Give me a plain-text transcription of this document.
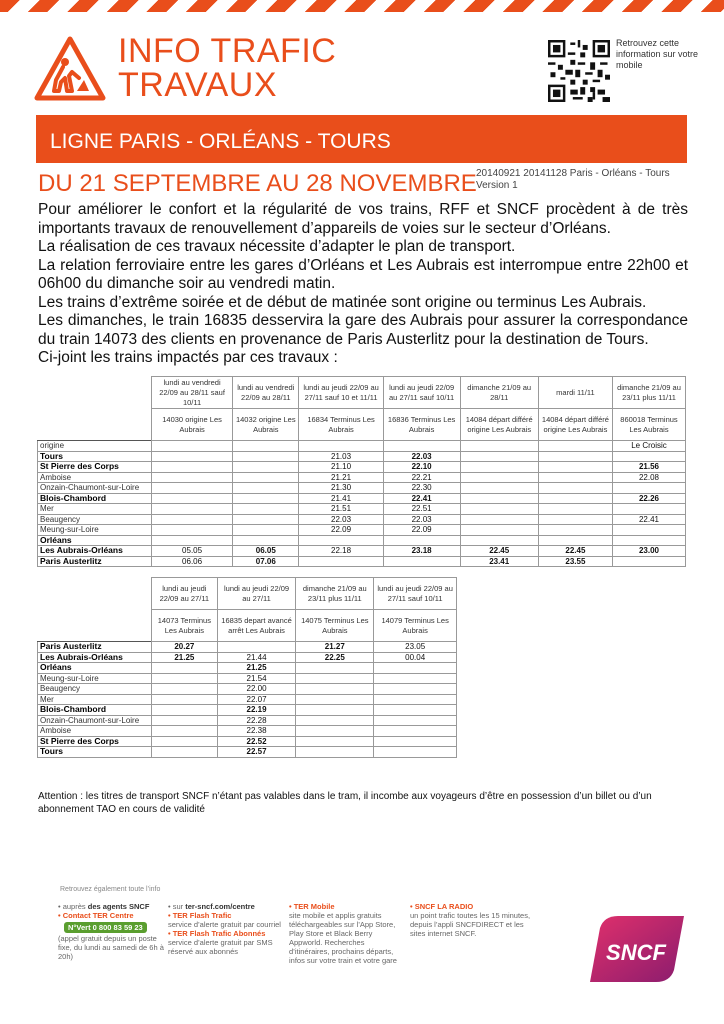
INFO TRAFIC
TRAVAUX
Retrouvez cette information sur votre mobile
LIGNE PARIS - ORLÉANS - TOURS
DU 21 SEPTEMBRE AU 28 NOVEMBRE 20140921 20141128 Paris - Orléans - Tours
Version 1

Pour améliorer le confort et la régularité de vos trains, RFF et SNCF procèdent à de très importants travaux de renouvellement d’appareils de voies sur le secteur d’Orléans.

La réalisation de ces travaux nécessite d’adapter le plan de transport.

La relation ferroviaire entre les gares d’Orléans et Les Aubrais est interrompue entre 22h00 et 06h00 du dimanche soir au vendredi matin.

Les trains d’extrême soirée et de début de matinée sont origine ou terminus Les Aubrais.

Les dimanches, le train 16835 desservira la gare des Aubrais pour assurer la correspondance du train 14073 des clients en provenance de Paris Austerlitz pour la destination de Tours.

Ci-joint les trains impactés par ces travaux :

	lundi au vendredi 22/09 au 28/11 sauf 10/11	lundi au vendredi 22/09 au 28/11	lundi au jeudi 22/09 au 27/11 sauf 10 et 11/11	lundi au jeudi 22/09 au 27/11 sauf 10/11	dimanche 21/09 au 28/11	mardi 11/11	dimanche 21/09 au 23/11 plus 11/11
	14030 origine Les Aubrais	14032 origine Les Aubrais	16834 Terminus Les Aubrais	16836 Terminus Les Aubrais	14084 départ différé origine Les Aubrais	14084 départ différé origine Les Aubrais	860018 Terminus Les Aubrais
origine							Le Croisic
Tours			21.03	22.03			
St Pierre des Corps			21.10	22.10			21.56
Amboise			21.21	22.21			22.08
Onzain-Chaumont-sur-Loire			21.30	22.30			
Blois-Chambord			21.41	22.41			22.26
Mer			21.51	22.51			
Beaugency			22.03	22.03			22.41
Meung-sur-Loire			22.09	22.09			
Orléans							
Les Aubrais-Orléans	05.05	06.05	22.18	23.18	22.45	22.45	23.00
Paris Austerlitz	06.06	07.06			23.41	23.55	
	lundi au jeudi 22/09 au 27/11	lundi au jeudi 22/09 au 27/11	dimanche 21/09 au 23/11 plus 11/11	lundi au jeudi 22/09 au 27/11 sauf 10/11
	14073 Terminus Les Aubrais	16835 depart avancé arrêt Les Aubrais	14075 Terminus Les Aubrais	14079 Terminus Les Aubrais
Paris Austerlitz	20.27		21.27	23.05
Les Aubrais-Orléans	21.25	21.44	22.25	00.04
Orléans		21.25		
Meung-sur-Loire		21.54		
Beaugency		22.00		
Mer		22.07		
Blois-Chambord		22.19		
Onzain-Chaumont-sur-Loire		22.28		
Amboise		22.38		
St Pierre des Corps		22.52		
Tours		22.57		
Attention : les titres de transport SNCF n’étant pas valables dans le tram, il incombe aux voyageurs d’être en possession d’un billet ou d’un abonnement TAO en cours de validité
Retrouvez également toute l’info
• auprès des agents SNCF
• Contact TER Centre
N°Vert 0 800 83 59 23
(appel gratuit depuis un poste fixe, du lundi au samedi de 6h à 20h)
• sur ter-sncf.com/centre
• TER Flash Trafic
service d’alerte gratuit par courriel
• TER Flash Trafic Abonnés
service d’alerte gratuit par SMS réservé aux abonnés
• TER Mobile
site mobile et applis gratuits téléchargeables sur l’App Store, Play Store et Black Berry Appworld. Recherches d’itinéraires, prochains départs, infos sur votre train et votre gare
• SNCF LA RADIO
un point trafic toutes les 15 minutes, depuis l’appli SNCFDIRECT et les sites internet SNCF.
SNCF
